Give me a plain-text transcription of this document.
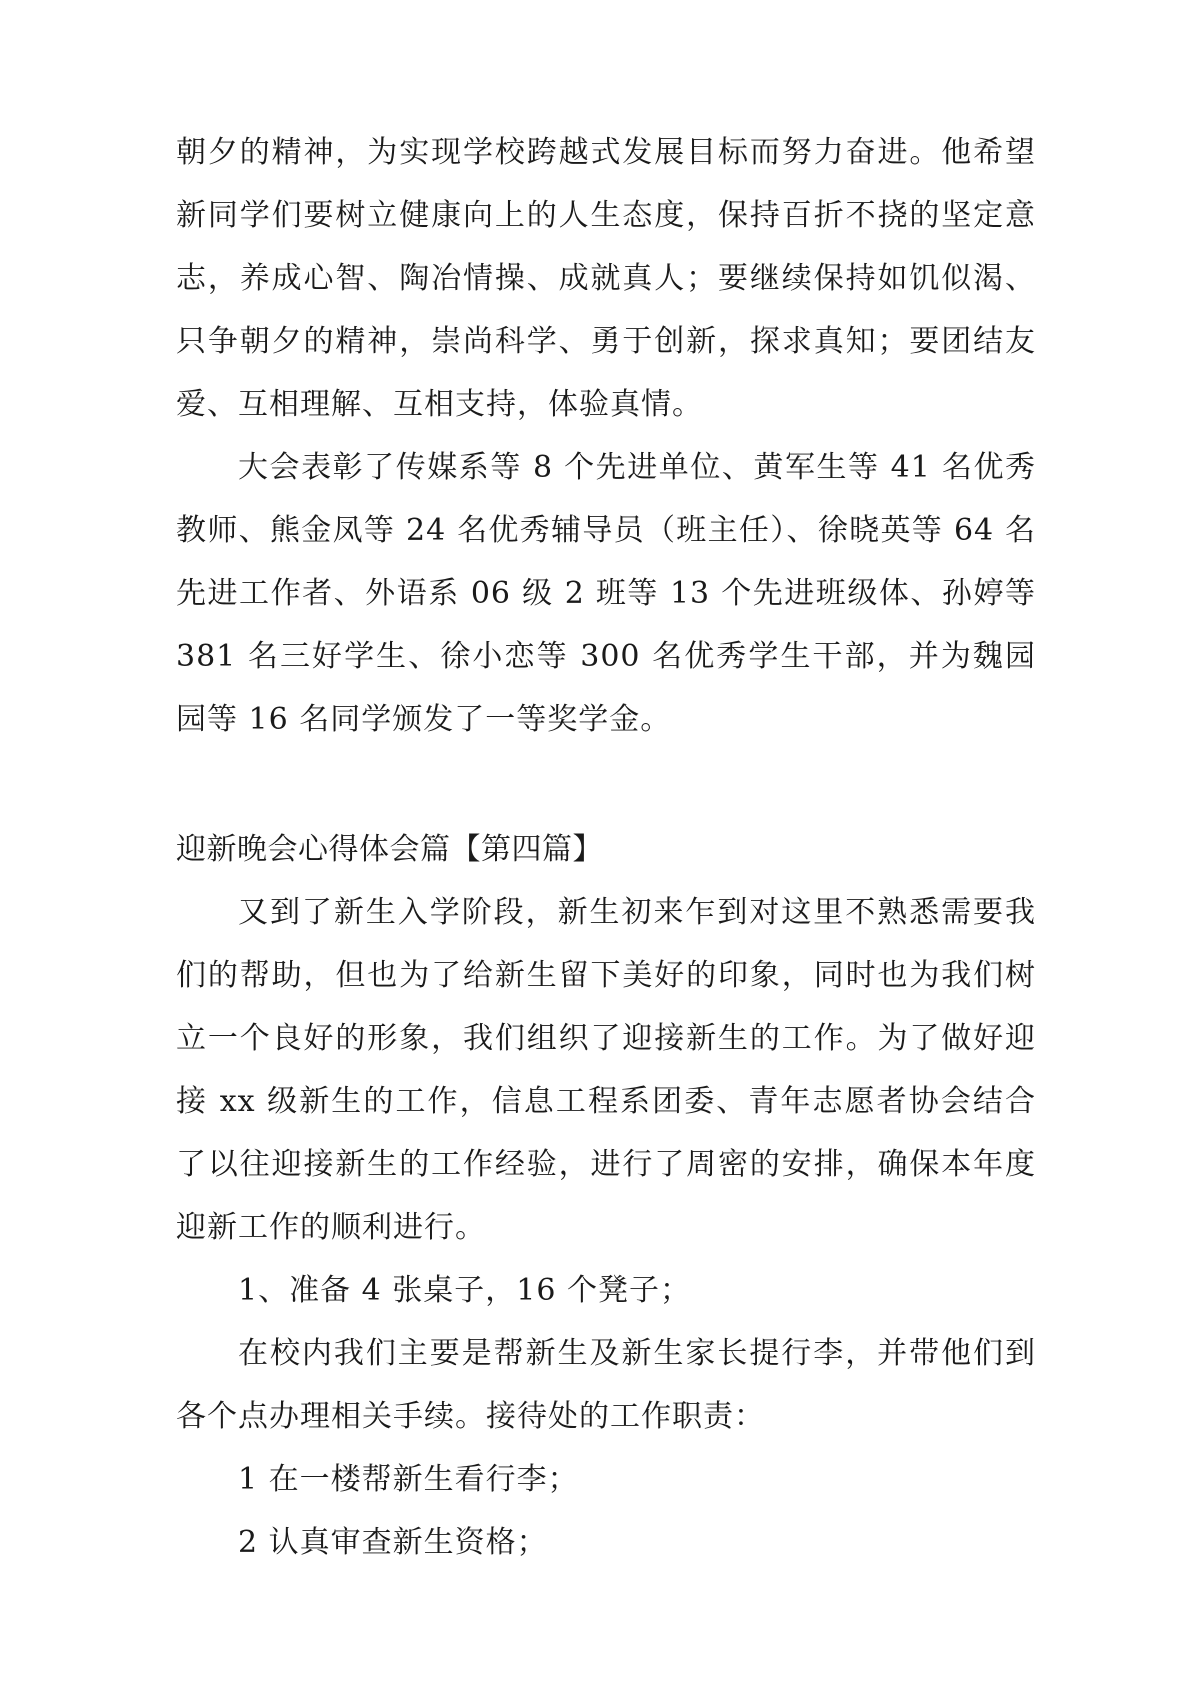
朝夕的精神，为实现学校跨越式发展目标而努力奋进。他希望新同学们要树立健康向上的人生态度，保持百折不挠的坚定意志，养成心智、陶冶情操、成就真人；要继续保持如饥似渴、只争朝夕的精神，崇尚科学、勇于创新，探求真知；要团结友爱、互相理解、互相支持，体验真情。

大会表彰了传媒系等 8 个先进单位、黄军生等 41 名优秀教师、熊金凤等 24 名优秀辅导员（班主任）、徐晓英等 64 名先进工作者、外语系 06 级 2 班等 13 个先进班级体、孙婷等 381 名三好学生、徐小恋等 300 名优秀学生干部，并为魏园园等 16 名同学颁发了一等奖学金。

迎新晚会心得体会篇【第四篇】

又到了新生入学阶段，新生初来乍到对这里不熟悉需要我们的帮助，但也为了给新生留下美好的印象，同时也为我们树立一个良好的形象，我们组织了迎接新生的工作。为了做好迎接 xx 级新生的工作，信息工程系团委、青年志愿者协会结合了以往迎接新生的工作经验，进行了周密的安排，确保本年度迎新工作的顺利进行。

1、准备 4 张桌子，16 个凳子；

在校内我们主要是帮新生及新生家长提行李，并带他们到各个点办理相关手续。接待处的工作职责：

1 在一楼帮新生看行李；

2 认真审查新生资格；
